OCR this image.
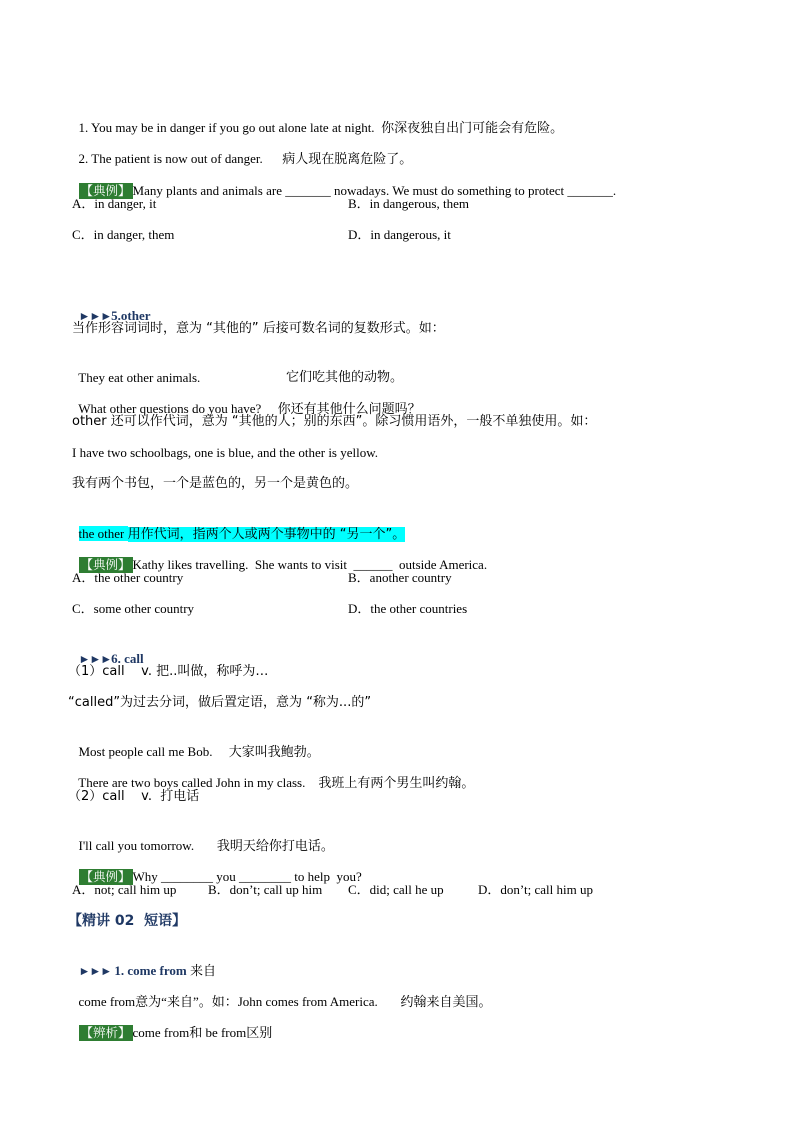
1. You may be in danger if you go out alone late at night. 你深夜独自出门可能会有危险。

2. The patient is now out of danger. 病人现在脱离危险了。

【典例】 Many plants and animals are _______ nowadays. We must do something to protect _______.

A．in danger, it	B．in dangerous, them
C．in danger, them	D．in dangerous, it

►►►5.other

当作形容词词时，意为 “其他的” 后接可数名词的复数形式。如：

They eat other animals.	它们吃其他的动物。

What other questions do you have? 你还有其他什么问题吗？

other 还可以作代词，意为 “其他的人；别的东西”。除习惯用语外，一般不单独使用。如：
I have two schoolbags, one is blue, and the other is yellow.
我有两个书包，一个是蓝色的，另一个是黄色的。

the other 用作代词，指两个人或两个事物中的 “另一个”。

【典例】 Kathy likes travelling.  She wants to visit  ______  outside America.

A．the other country	B．another country
C．some other country	D．the other countries

►►►6. call

（1）call    v. 把..叫做，称呼为…
“called”为过去分词，做后置定语，意为 “称为...的”

Most people call me Bob. 大家叫我鲍勃。

There are two boys called John in my class. 我班上有两个男生叫约翰。

（2）call    v.  打电话

I'll call you tomorrow. 我明天给你打电话。

【典例】 Why ________ you ________ to help  you?

A．not; call him up B．don’t; call up him C．did; call he up	D．don’t; call him up
【精讲 02  短语】

►►► 1. come from 来自

come from意为“来自”。如：John comes from America. 约翰来自美国。

【辨析】 come from和 be from区别
